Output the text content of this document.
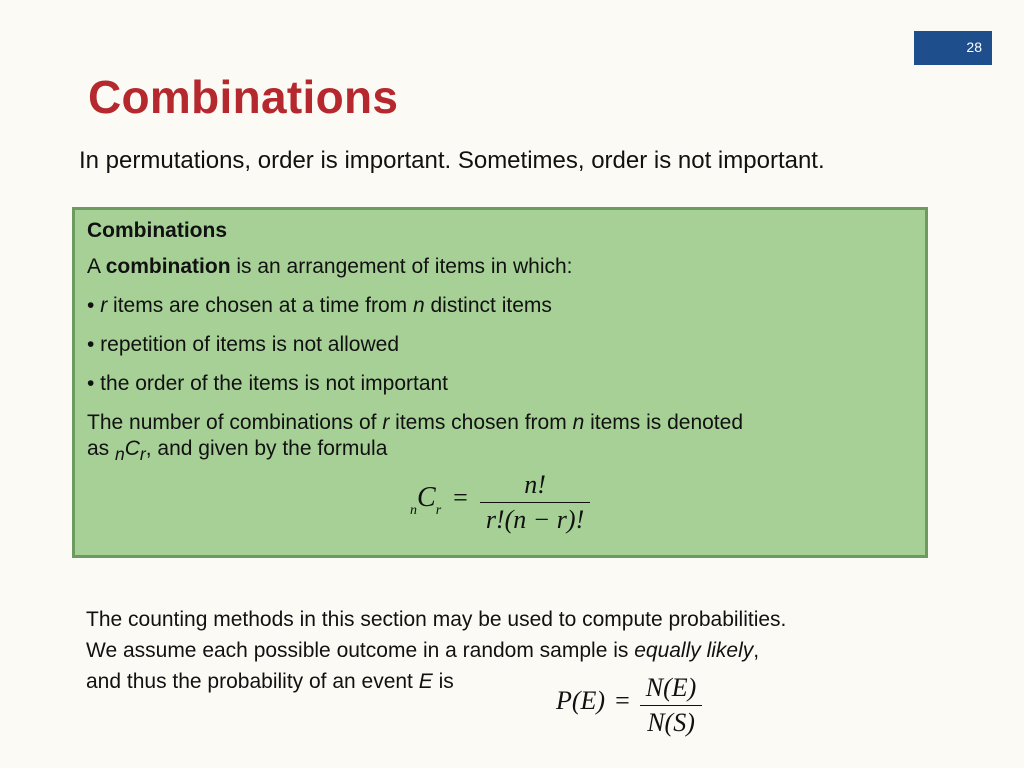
28
Combinations
In permutations, order is important. Sometimes, order is not important.
Combinations
A combination is an arrangement of items in which:
• r items are chosen at a time from n distinct items
• repetition of items is not allowed
• the order of the items is not important
The number of combinations of r items chosen from n items is denoted
as $_nC_r$, and given by the formula
nCr = $\frac{n!}{r!(n - r)!}$
The counting methods in this section may be used to compute probabilities.
We assume each possible outcome in a random sample is equally likely,
and thus the probability of an event E is
$P(E) = \frac{N(E)}{N(S)}$
